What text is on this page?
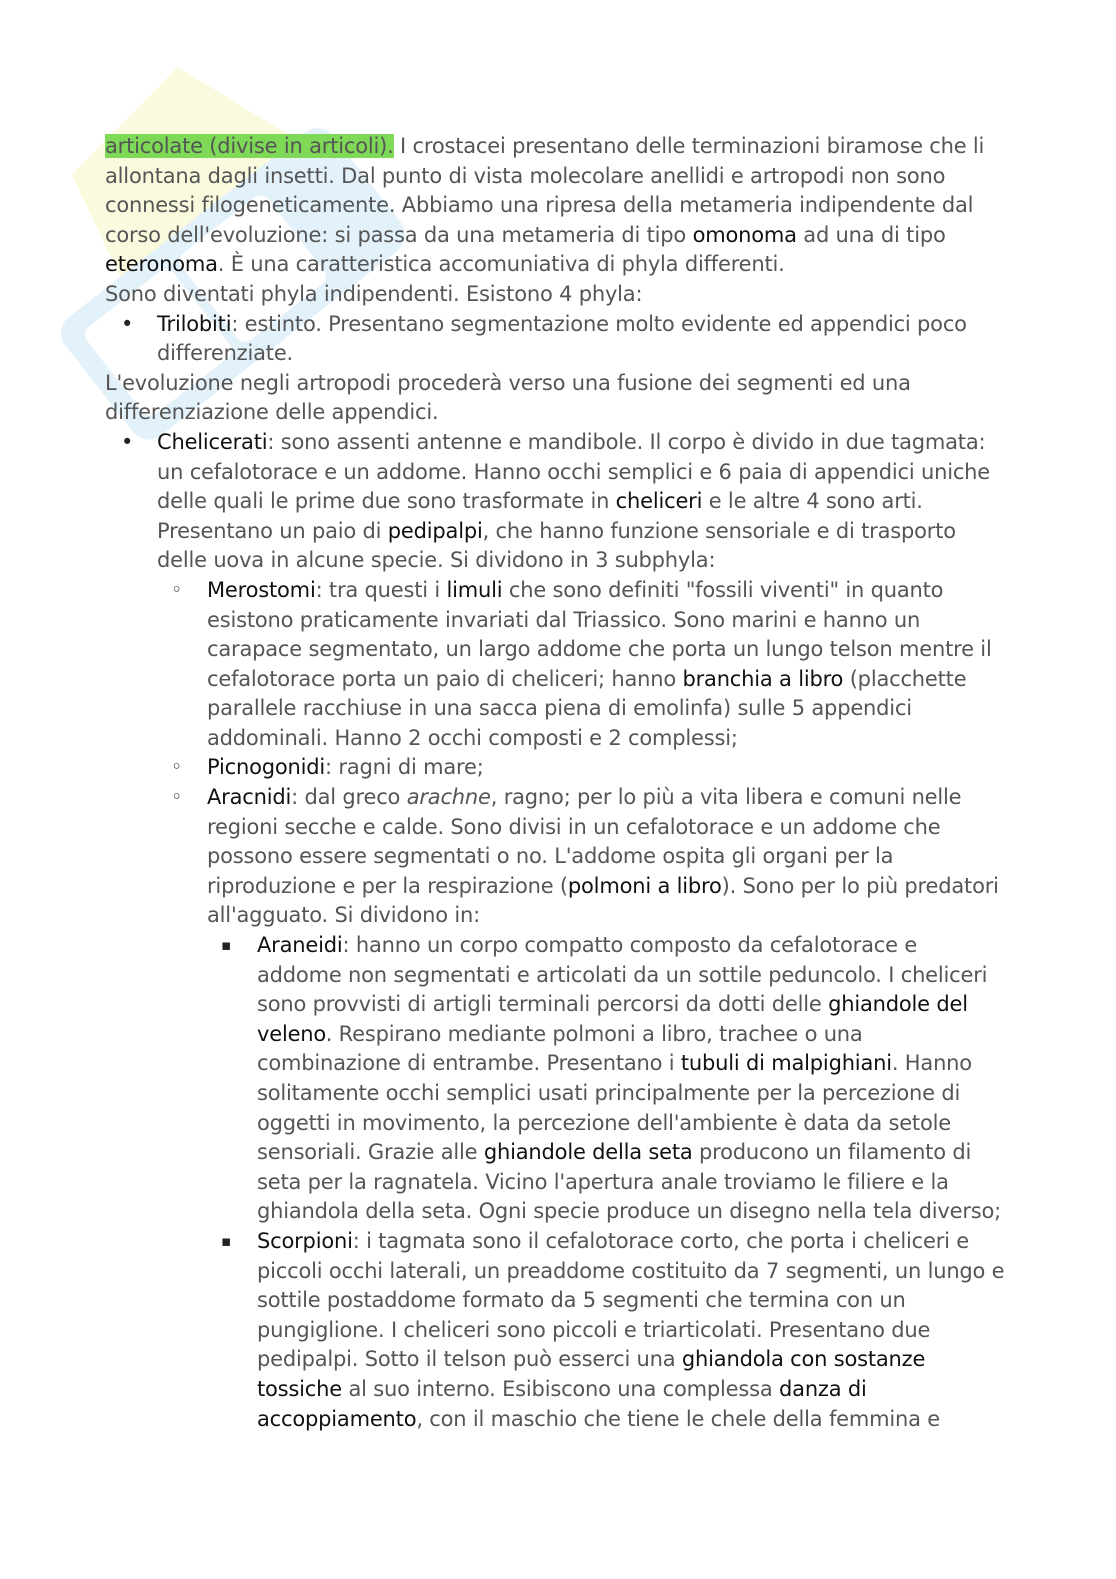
articolate (divise in articoli). I crostacei presentano delle terminazioni biramose che li allontana dagli insetti. Dal punto di vista molecolare anellidi e artropodi non sono connessi filogeneticamente. Abbiamo una ripresa della metameria indipendente dal corso dell'evoluzione: si passa da una metameria di tipo omonoma ad una di tipo eteronoma. È una caratteristica accomuniativa di phyla differenti.

Sono diventati phyla indipendenti. Esistono 4 phyla:

• Trilobiti: estinto. Presentano segmentazione molto evidente ed appendici poco differenziate.

L'evoluzione negli artropodi procederà verso una fusione dei segmenti ed una differenziazione delle appendici.

• Chelicerati: sono assenti antenne e mandibole. Il corpo è divido in due tagmata: un cefalotorace e un addome. Hanno occhi semplici e 6 paia di appendici uniche delle quali le prime due sono trasformate in cheliceri e le altre 4 sono arti. Presentano un paio di pedipalpi, che hanno funzione sensoriale e di trasporto delle uova in alcune specie. Si dividono in 3 subphyla:
◦ Merostomi: tra questi i limuli che sono definiti "fossili viventi" in quanto esistono praticamente invariati dal Triassico. Sono marini e hanno un carapace segmentato, un largo addome che porta un lungo telson mentre il cefalotorace porta un paio di cheliceri; hanno branchia a libro (placchette parallele racchiuse in una sacca piena di emolinfa) sulle 5 appendici addominali. Hanno 2 occhi composti e 2 complessi;
◦ Picnogonidi: ragni di mare;
◦ Aracnidi: dal greco arachne, ragno; per lo più a vita libera e comuni nelle regioni secche e calde. Sono divisi in un cefalotorace e un addome che possono essere segmentati o no. L'addome ospita gli organi per la riproduzione e per la respirazione (polmoni a libro). Sono per lo più predatori all'agguato. Si dividono in:
▪ Araneidi: hanno un corpo compatto composto da cefalotorace e addome non segmentati e articolati da un sottile peduncolo. I cheliceri sono provvisti di artigli terminali percorsi da dotti delle ghiandole del veleno. Respirano mediante polmoni a libro, trachee o una combinazione di entrambe. Presentano i tubuli di malpighiani. Hanno solitamente occhi semplici usati principalmente per la percezione di oggetti in movimento, la percezione dell'ambiente è data da setole sensoriali. Grazie alle ghiandole della seta producono un filamento di seta per la ragnatela. Vicino l'apertura anale troviamo le filiere e la ghiandola della seta. Ogni specie produce un disegno nella tela diverso;
▪ Scorpioni: i tagmata sono il cefalotorace corto, che porta i cheliceri e piccoli occhi laterali, un preaddome costituito da 7 segmenti, un lungo e sottile postaddome formato da 5 segmenti che termina con un pungiglione. I cheliceri sono piccoli e triarticolati. Presentano due pedipalpi. Sotto il telson può esserci una ghiandola con sostanze tossiche al suo interno. Esibiscono una complessa danza di accoppiamento, con il maschio che tiene le chele della femmina e
